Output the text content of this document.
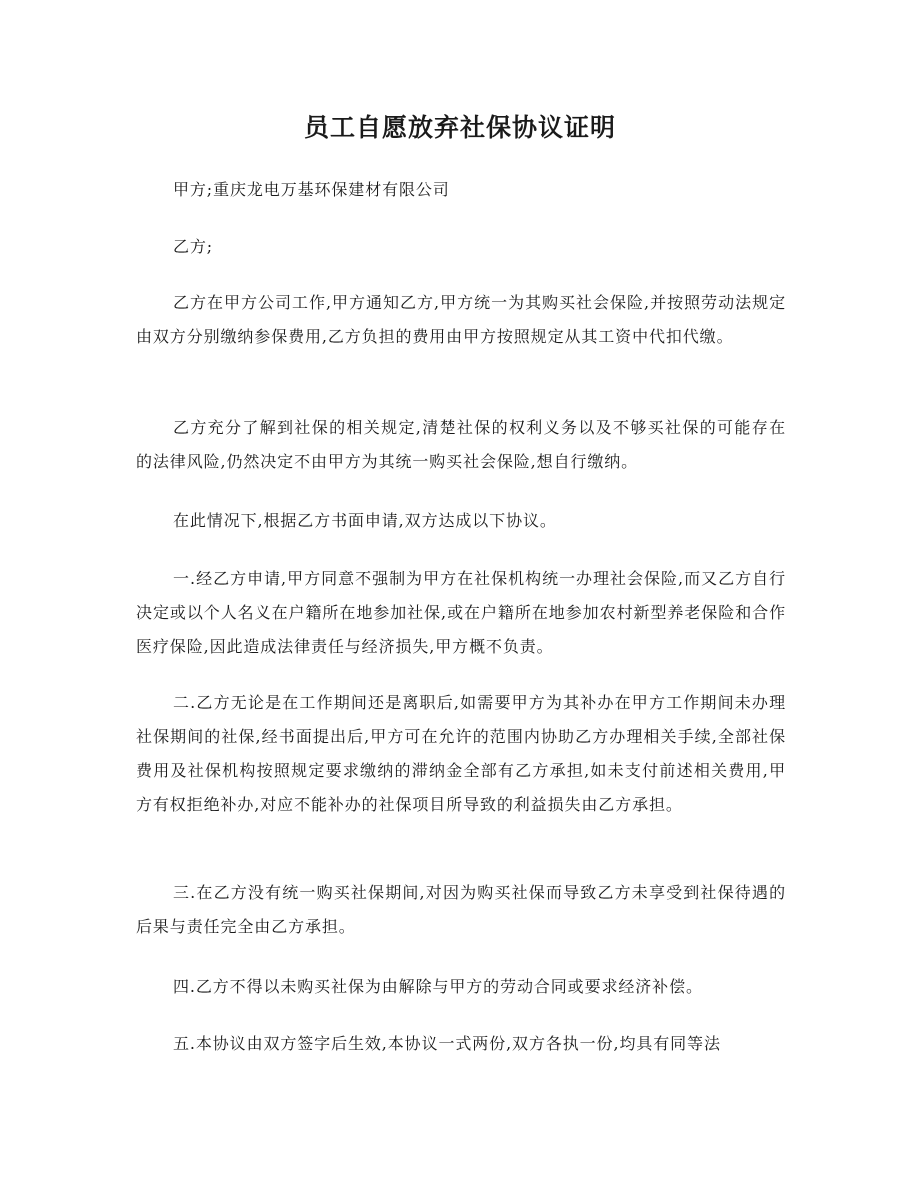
员工自愿放弃社保协议证明

甲方;重庆龙电万基环保建材有限公司

乙方;

乙方在甲方公司工作,甲方通知乙方,甲方统一为其购买社会保险,并按照劳动法规定由双方分别缴纳参保费用,乙方负担的费用由甲方按照规定从其工资中代扣代缴。

乙方充分了解到社保的相关规定,清楚社保的权利义务以及不够买社保的可能存在的法律风险,仍然决定不由甲方为其统一购买社会保险,想自行缴纳。

在此情况下,根据乙方书面申请,双方达成以下协议。

一.经乙方申请,甲方同意不强制为甲方在社保机构统一办理社会保险,而又乙方自行决定或以个人名义在户籍所在地参加社保,或在户籍所在地参加农村新型养老保险和合作医疗保险,因此造成法律责任与经济损失,甲方概不负责。

二.乙方无论是在工作期间还是离职后,如需要甲方为其补办在甲方工作期间未办理社保期间的社保,经书面提出后,甲方可在允许的范围内协助乙方办理相关手续,全部社保费用及社保机构按照规定要求缴纳的滞纳金全部有乙方承担,如未支付前述相关费用,甲方有权拒绝补办,对应不能补办的社保项目所导致的利益损失由乙方承担。

三.在乙方没有统一购买社保期间,对因为购买社保而导致乙方未享受到社保待遇的后果与责任完全由乙方承担。

四.乙方不得以未购买社保为由解除与甲方的劳动合同或要求经济补偿。

五.本协议由双方签字后生效,本协议一式两份,双方各执一份,均具有同等法
